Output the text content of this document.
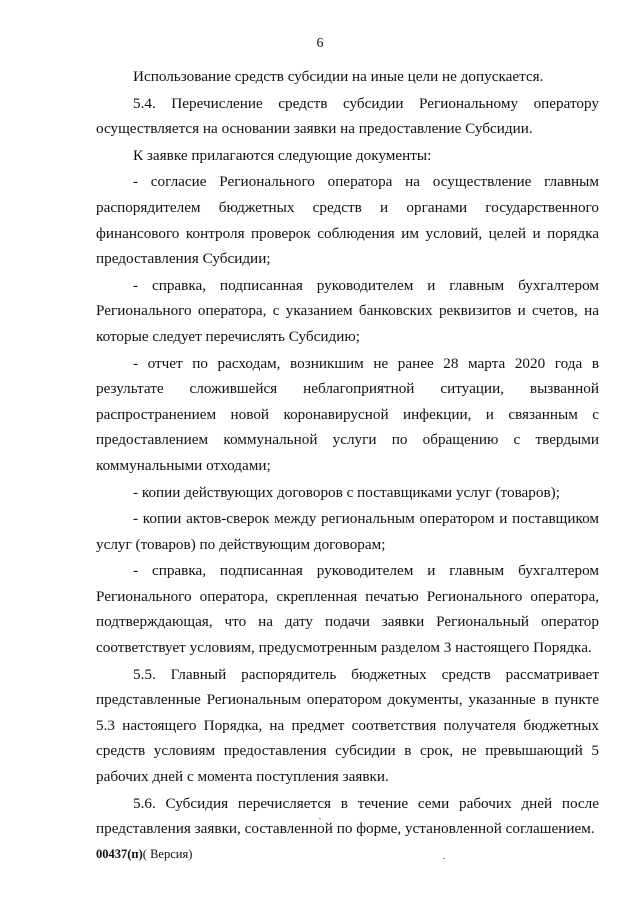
6

Использование средств субсидии на иные цели не допускается.

5.4. Перечисление средств субсидии Региональному оператору осуществляется на основании заявки на предоставление Субсидии.

К заявке прилагаются следующие документы:

- согласие Регионального оператора на осуществление главным распорядителем бюджетных средств и органами государственного финансового контроля проверок соблюдения им условий, целей и порядка предоставления Субсидии;

- справка, подписанная руководителем и главным бухгалтером Регионального оператора, с указанием банковских реквизитов и счетов, на которые следует перечислять Субсидию;

- отчет по расходам, возникшим не ранее 28 марта 2020 года в результате сложившейся неблагоприятной ситуации, вызванной распространением новой коронавирусной инфекции, и связанным с предоставлением коммунальной услуги по обращению с твердыми коммунальными отходами;

- копии действующих договоров с поставщиками услуг (товаров);

- копии актов-сверок между региональным оператором и поставщиком услуг (товаров) по действующим договорам;

- справка, подписанная руководителем и главным бухгалтером Регионального оператора, скрепленная печатью Регионального оператора, подтверждающая, что на дату подачи заявки Региональный оператор соответствует условиям, предусмотренным разделом 3 настоящего Порядка.

5.5. Главный распорядитель бюджетных средств рассматривает представленные Региональным оператором документы, указанные в пункте 5.3 настоящего Порядка, на предмет соответствия получателя бюджетных средств условиям предоставления субсидии в срок, не превышающий 5 рабочих дней с момента поступления заявки.

5.6. Субсидия перечисляется в течение семи рабочих дней после представления заявки, составленной по форме, установленной соглашением.

00437(п)( Версия)
